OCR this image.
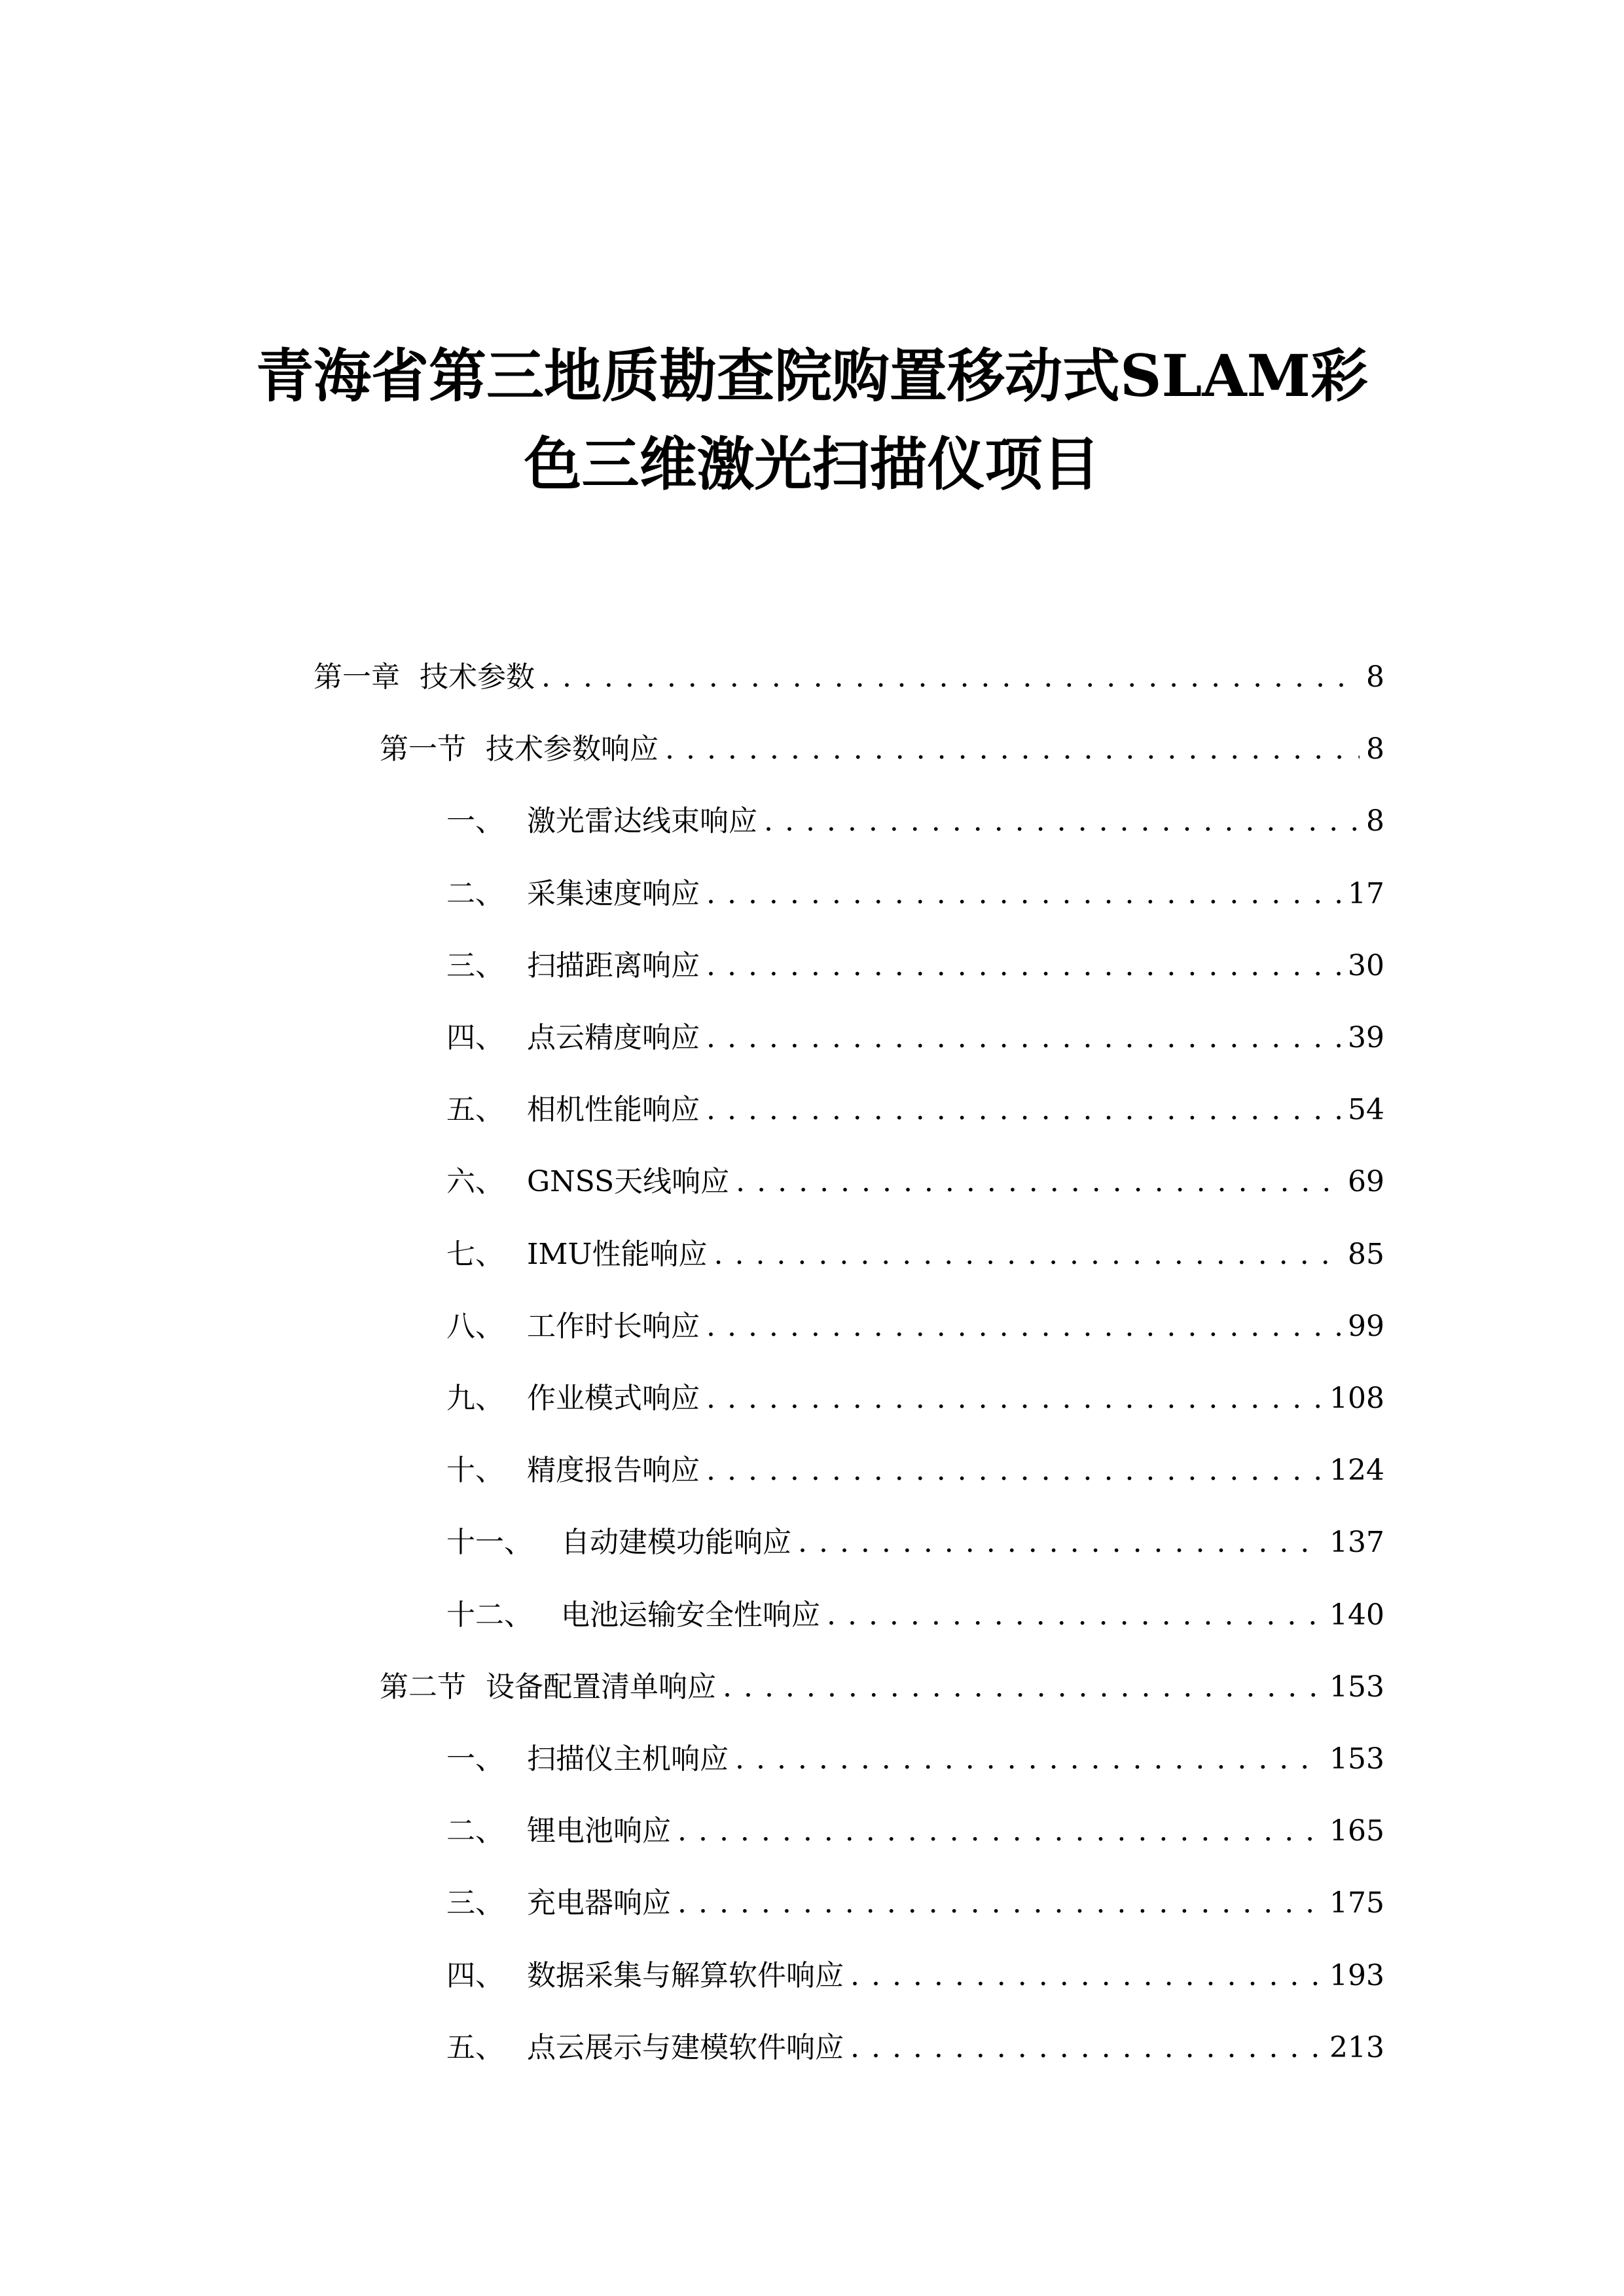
青海省第三地质勘查院购置移动式SLAM彩
色三维激光扫描仪项目
第一章 技术参数 . . .	8
第一节 技术参数响应 . . .	8
一、 激光雷达线束响应 . . .	8
二、 采集速度响应 . . .	17
三、 扫描距离响应 . . .	30
四、 点云精度响应 . . .	39
五、 相机性能响应 . . .	54
六、 GNSS天线响应 . . .	69
七、 IMU性能响应 . . .	85
八、 工作时长响应 . . .	99
九、 作业模式响应 . . .	108
十、 精度报告响应 . . .	124
十一、 自动建模功能响应 . . .	137
十二、 电池运输安全性响应 . . .	140
第二节 设备配置清单响应 . . .	153
一、 扫描仪主机响应 . . .	153
二、 锂电池响应 . . .	165
三、 充电器响应 . . .	175
四、 数据采集与解算软件响应 . . .	193
五、 点云展示与建模软件响应 . . .	213
